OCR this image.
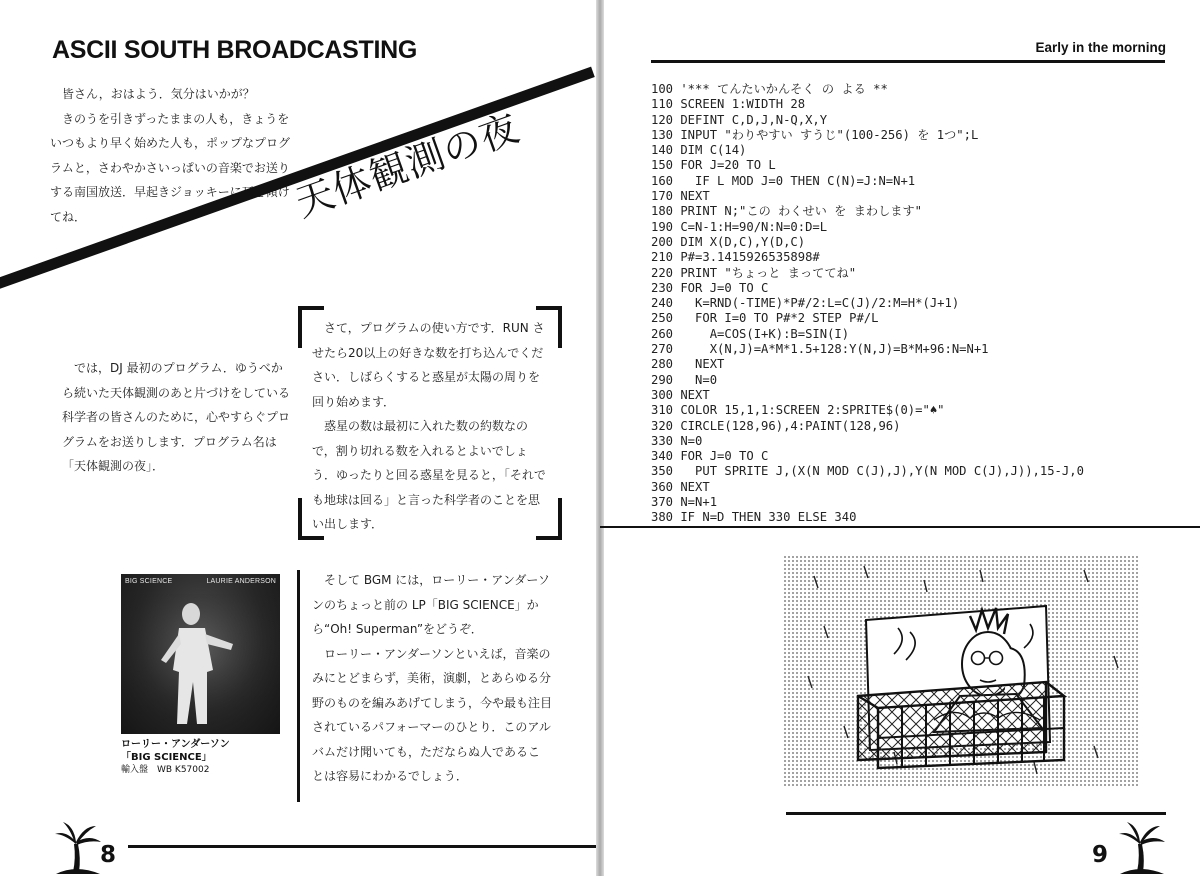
ASCII SOUTH BROADCASTING

皆さん，おはよう．気分はいかが？

きのうを引きずったままの人も，きょうをいつもより早く始めた人も，ポップなプログラムと，さわやかさいっぱいの音楽でお送りする南国放送．早起きジョッキーに耳を傾けてね．	天体観測の夜

では，DJ 最初のプログラム．ゆうべから続いた天体観測のあと片づけをしている科学者の皆さんのために，心やすらぐプログラムをお送りします．プログラム名は「天体観測の夜」．

さて，プログラムの使い方です．RUN させたら20以上の好きな数を打ち込んでください．しばらくすると惑星が太陽の周りを回り始めます．

惑星の数は最初に入れた数の約数なので，割り切れる数を入れるとよいでしょう．ゆったりと回る惑星を見ると，「それでも地球は回る」と言った科学者のことを思い出します．

BIG SCIENCE	LAURIE ANDERSON
ローリー・アンダーソン
「BIG SCIENCE」
輸入盤　WB K57002

そして BGM には，ローリー・アンダーソンのちょっと前の LP「BIG SCIENCE」から“Oh! Superman”をどうぞ．

ローリー・アンダーソンといえば，音楽のみにとどまらず，美術，演劇，とあらゆる分野のものを編みあげてしまう，今や最も注目されているパフォーマーのひとり．このアルバムだけ聞いても，ただならぬ人であることは容易にわかるでしょう．

8
Early in the morning
100 '*** てんたいかんそく の よる **
110 SCREEN 1:WIDTH 28
120 DEFINT C,D,J,N-Q,X,Y
130 INPUT "わりやすい すうじ"(100-256) を 1つ";L
140 DIM C(14)
150 FOR J=20 TO L
160   IF L MOD J=0 THEN C(N)=J:N=N+1
170 NEXT
180 PRINT N;"この わくせい を まわします"
190 C=N-1:H=90/N:N=0:D=L
200 DIM X(D,C),Y(D,C)
210 P#=3.1415926535898#
220 PRINT "ちょっと まっててね"
230 FOR J=0 TO C
240   K=RND(-TIME)*P#/2:L=C(J)/2:M=H*(J+1)
250   FOR I=0 TO P#*2 STEP P#/L
260     A=COS(I+K):B=SIN(I)
270     X(N,J)=A*M*1.5+128:Y(N,J)=B*M+96:N=N+1
280   NEXT
290   N=0
300 NEXT
310 COLOR 15,1,1:SCREEN 2:SPRITE$(0)="♠"
320 CIRCLE(128,96),4:PAINT(128,96)
330 N=0
340 FOR J=0 TO C
350   PUT SPRITE J,(X(N MOD C(J),J),Y(N MOD C(J),J)),15-J,0
360 NEXT
370 N=N+1
380 IF N=D THEN 330 ELSE 340
9
